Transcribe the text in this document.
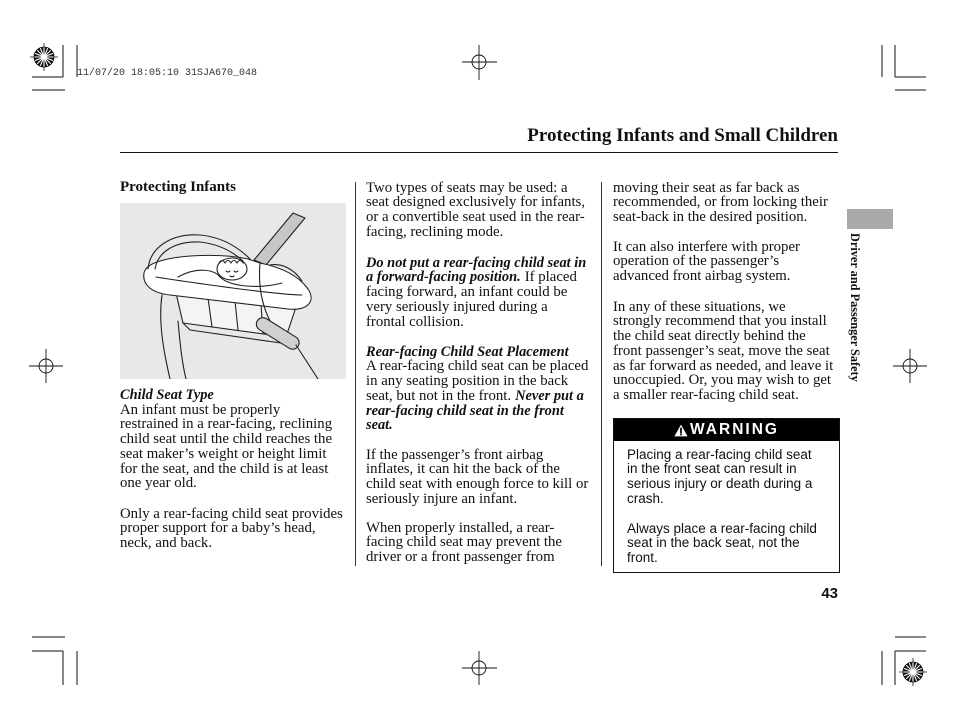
11/07/20 18:05:10 31SJA670_048
Protecting Infants and Small Children
Driver and Passenger Safety
Protecting Infants
Child Seat Type
An infant must be properly
restrained in a rear-facing, reclining
child seat until the child reaches the
seat maker’s weight or height limit
for the seat, and the child is at least
one year old.
Only a rear-facing child seat provides
proper support for a baby’s head,
neck, and back.
Two types of seats may be used: a
seat designed exclusively for infants,
or a convertible seat used in the rear-
facing, reclining mode.
Do not put a rear-facing child seat in
a forward-facing position. If placed
facing forward, an infant could be
very seriously injured during a
frontal collision.
Rear-facing Child Seat Placement
A rear-facing child seat can be placed
in any seating position in the back
seat, but not in the front. Never put a
rear-facing child seat in the front
seat.
If the passenger’s front airbag
inflates, it can hit the back of the
child seat with enough force to kill or
seriously injure an infant.
When properly installed, a rear-
facing child seat may prevent the
driver or a front passenger from
moving their seat as far back as
recommended, or from locking their
seat-back in the desired position.
It can also interfere with proper
operation of the passenger’s
advanced front airbag system.
In any of these situations, we
strongly recommend that you install
the child seat directly behind the
front passenger’s seat, move the seat
as far forward as needed, and leave it
unoccupied. Or, you may wish to get
a smaller rear-facing child seat.
WARNING
Placing a rear-facing child seat
in the front seat can result in
serious injury or death during a
crash.
Always place a rear-facing child
seat in the back seat, not the
front.
43
